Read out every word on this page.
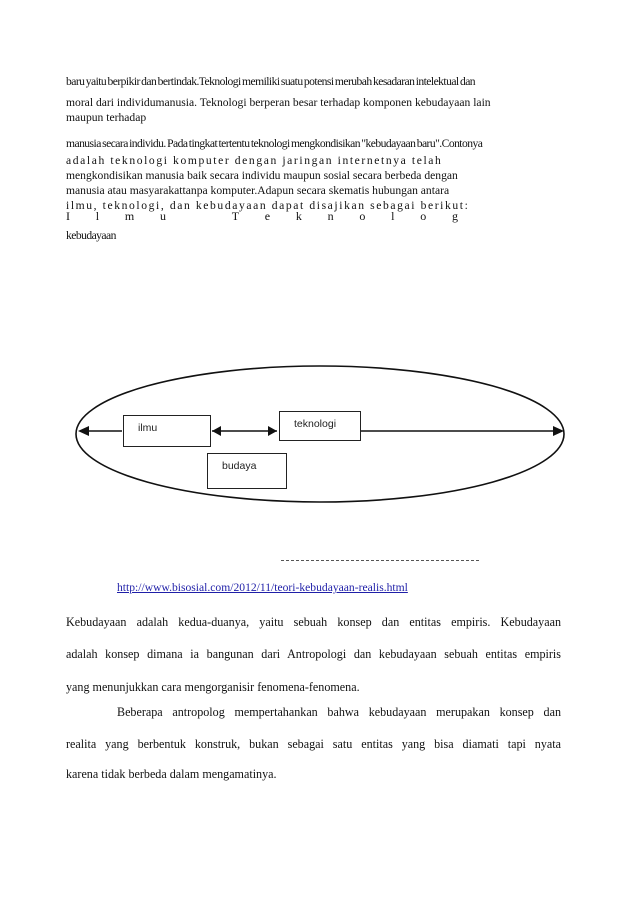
baru yaitu berpikir dan bertindak.Teknologi memiliki suatu potensi merubah kesadaran intelektual dan
moral dari individumanusia. Teknologi berperan besar terhadap komponen kebudayaan lain
maupun terhadap
manusia secara individu. Pada tingkat tertentu teknologi mengkondisikan "kebudayaan baru".Contonya
adalah teknologi komputer dengan jaringan internetnya telah
mengkondisikan manusia baik secara individu maupun sosial secara berbeda dengan
manusia atau masyarakattanpa komputer.Adapun secara skematis hubungan antara
ilmu, teknologi, dan kebudayaan dapat disajikan sebagai berikut:
I l m u	T e k n o l o g
kebudayaan
ilmu	teknologi
budaya
http://www.bisosial.com/2012/11/teori-kebudayaan-realis.html
Kebudayaan adalah kedua-duanya, yaitu sebuah konsep dan entitas empiris. Kebudayaan
adalah konsep dimana ia bangunan dari Antropologi dan kebudayaan sebuah entitas empiris
yang menunjukkan cara mengorganisir fenomena-fenomena.
Beberapa antropolog mempertahankan bahwa kebudayaan merupakan konsep dan
realita yang berbentuk konstruk, bukan sebagai satu entitas yang bisa diamati tapi nyata
karena tidak berbeda dalam mengamatinya.
